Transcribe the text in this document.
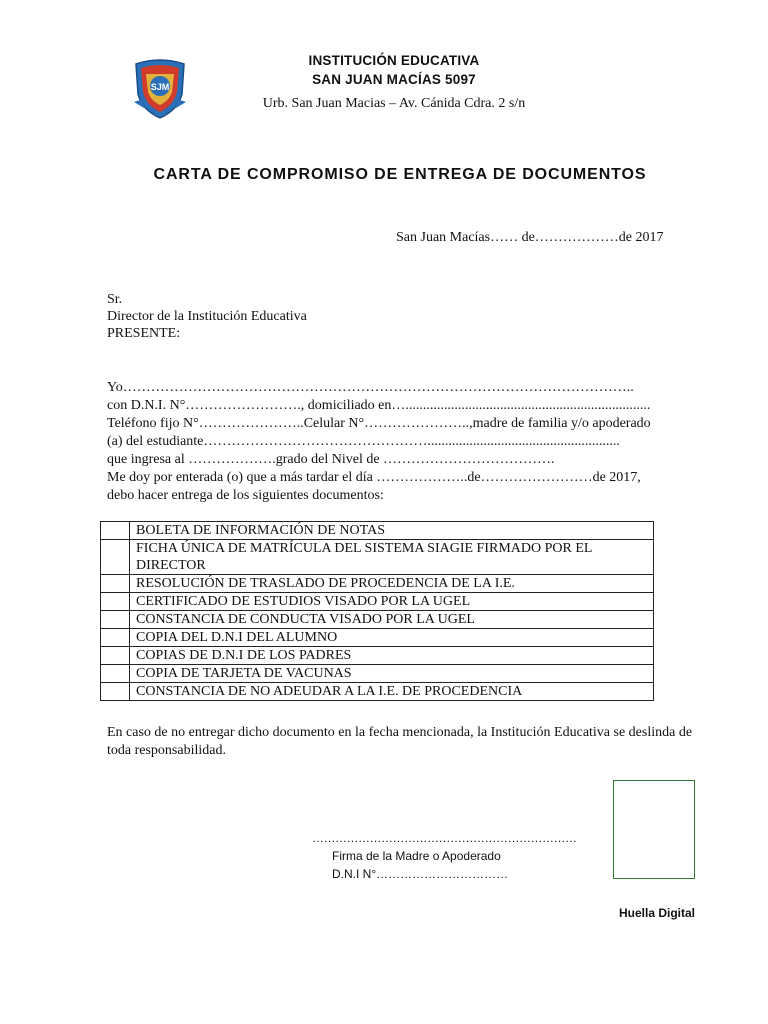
SJM
INSTITUCIÓN EDUCATIVA
SAN JUAN MACÍAS 5097
Urb. San Juan Macias – Av. Cánida Cdra. 2 s/n
CARTA DE COMPROMISO DE ENTREGA DE DOCUMENTOS
San Juan Macías…… de………………de 2017
Sr.
Director de la Institución Educativa
PRESENTE:
Yo………………………………………………………………………………………………..
con D.N.I. N°……………………., domiciliado en…......................................................................
Teléfono fijo N°…………………..Celular N°…………………..,madre de familia y/o apoderado
(a) del estudiante………………………………………….......................................................
que ingresa al ……………….grado del Nivel de ……………………………….
Me doy por enterada (o) que a más tardar el día ………………..de……………………de 2017,
debo hacer entrega de los siguientes documentos:
	BOLETA DE INFORMACIÓN DE NOTAS
	FICHA ÚNICA DE MATRÍCULA DEL SISTEMA SIAGIE FIRMADO POR EL DIRECTOR
	RESOLUCIÓN DE TRASLADO DE PROCEDENCIA DE LA I.E.
	CERTIFICADO DE ESTUDIOS VISADO POR LA UGEL
	CONSTANCIA DE CONDUCTA VISADO POR LA UGEL
	COPIA DEL D.N.I DEL ALUMNO
	COPIAS DE D.N.I DE LOS PADRES
	COPIA DE TARJETA DE VACUNAS
	CONSTANCIA DE NO ADEUDAR A LA I.E. DE PROCEDENCIA
En caso de no entregar dicho documento en la fecha mencionada, la Institución Educativa se deslinda de toda responsabilidad.
……………………………………………………………
Firma de la Madre o Apoderado
D.N.I N°……………………………
Huella Digital
